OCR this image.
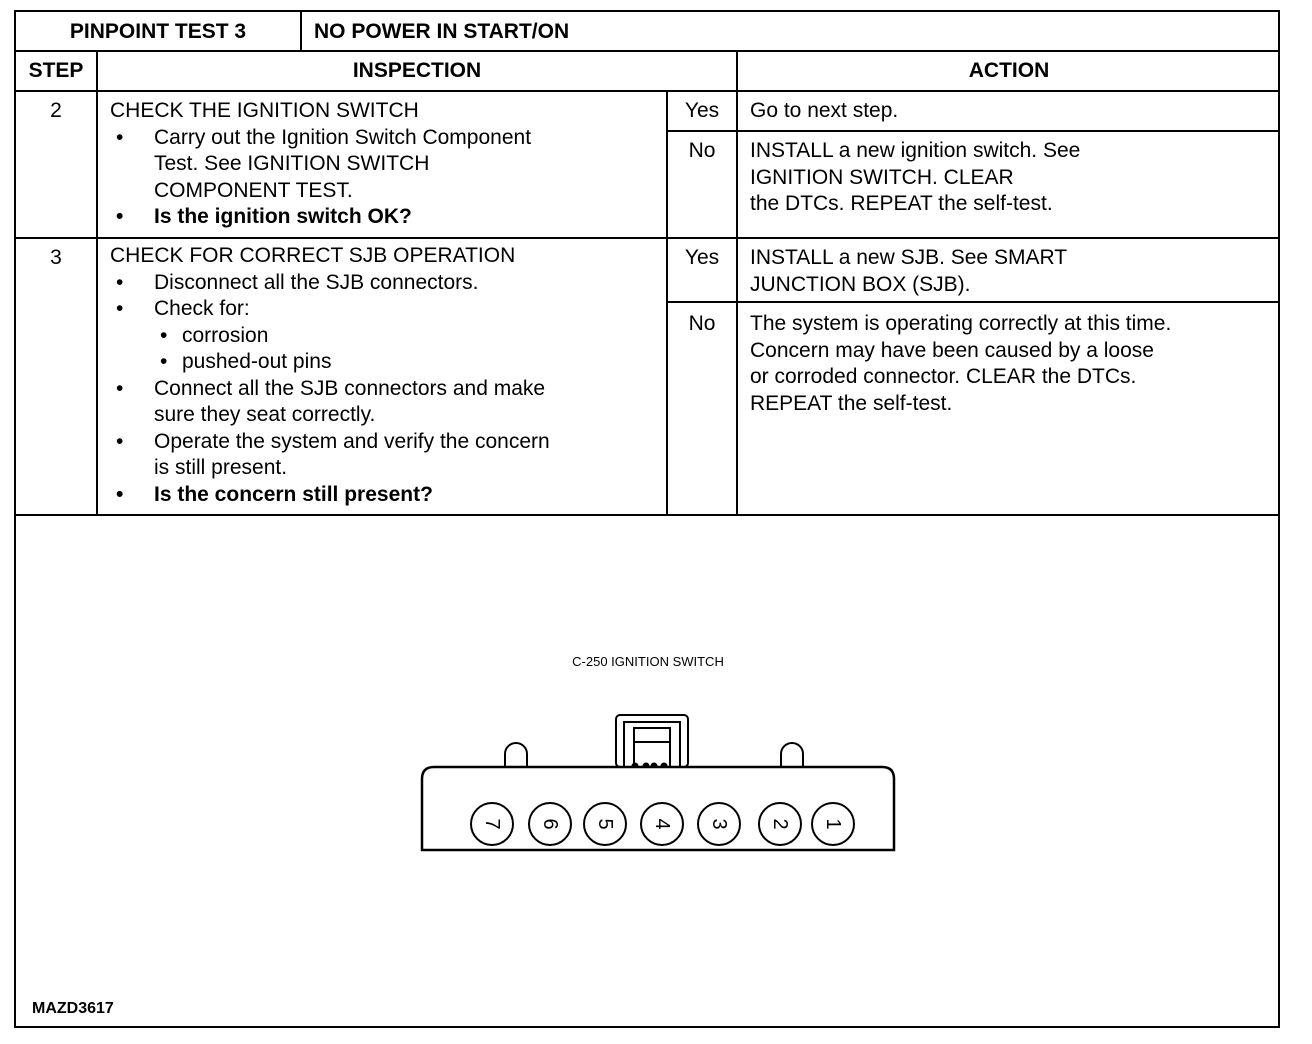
PINPOINT TEST 3	NO POWER IN START/ON
STEP	INSPECTION	ACTION
2	CHECK THE IGNITION SWITCH
• Carry out the Ignition Switch Component
Test. See IGNITION SWITCH
COMPONENT TEST.
• Is the ignition switch OK?
Yes	Go to next step.
No	INSTALL a new ignition switch. See
IGNITION SWITCH. CLEAR
the DTCs. REPEAT the self-test.
3	CHECK FOR CORRECT SJB OPERATION
• Disconnect all the SJB connectors.
• Check for:
• corrosion
• pushed-out pins
• Connect all the SJB connectors and make
sure they seat correctly.
• Operate the system and verify the concern
is still present.
• Is the concern still present?
Yes	INSTALL a new SJB. See SMART
JUNCTION BOX (SJB).
No	The system is operating correctly at this time.
Concern may have been caused by a loose
or corroded connector. CLEAR the DTCs.
REPEAT the self-test.
C-250 IGNITION SWITCH
7 6 5 4 3 2 1
MAZD3617
